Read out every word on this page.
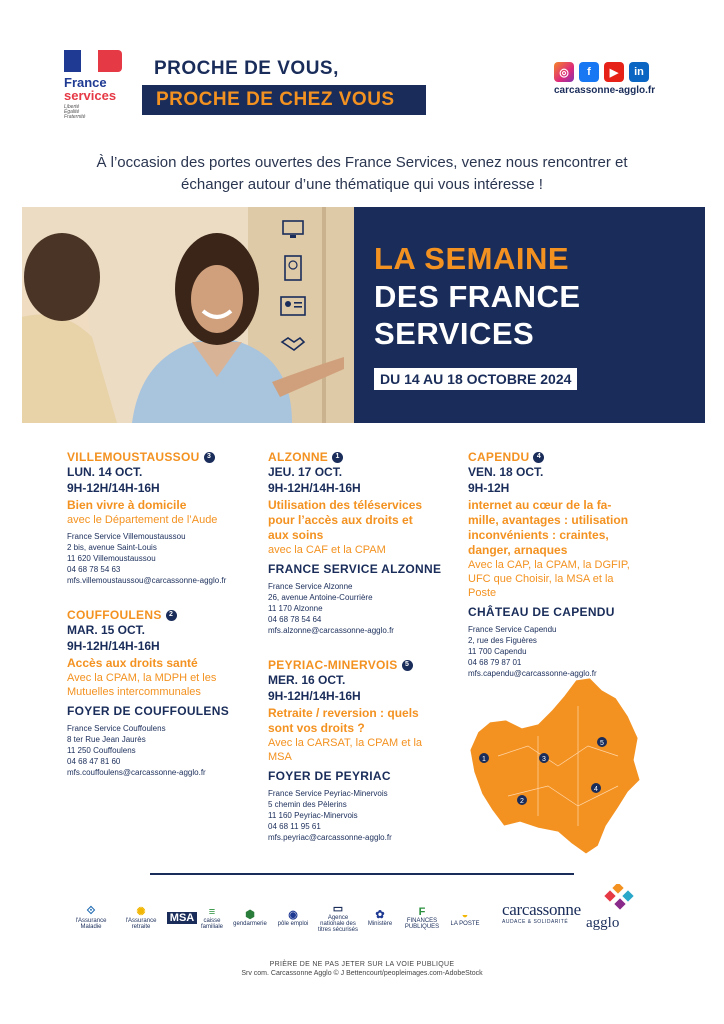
France
services
Liberté
Égalité
Fraternité
PROCHE DE VOUS,
PROCHE DE CHEZ VOUS
◎	f	▶	in
carcassonne-agglo.fr
À l’occasion des portes ouvertes des France Services, venez nous rencontrer et
échanger autour d’une thématique qui vous intéresse !
LA SEMAINE
DES FRANCE
SERVICES
DU 14 AU 18 OCTOBRE 2024
VILLEMOUSTAUSSOU	3
LUN. 14 OCT.
9H-12H/14H-16H
Bien vivre à domicile
avec le Département de l’Aude
France Service Villemoustaussou
2 bis, avenue Saint-Louis
11 620 Villemoustaussou
04 68 78 54 63
mfs.villemoustaussou@carcassonne-agglo.fr
COUFFOULENS	2
MAR. 15 OCT.
9H-12H/14H-16H
Accès aux droits santé
Avec la CPAM, la MDPH et les
Mutuelles intercommunales
FOYER DE COUFFOULENS
France Service Couffoulens
8 ter Rue Jean Jaurès
11 250 Couffoulens
04 68 47 81 60
mfs.couffoulens@carcassonne-agglo.fr
ALZONNE	1
JEU. 17 OCT.
9H-12H/14H-16H
Utilisation des téléservices
pour l’accès aux droits et
aux soins
avec la CAF et la CPAM
FRANCE SERVICE ALZONNE
France Service Alzonne
26, avenue Antoine-Courrière
11 170 Alzonne
04 68 78 54 64
mfs.alzonne@carcassonne-agglo.fr
PEYRIAC-MINERVOIS	5
MER. 16 OCT.
9H-12H/14H-16H
Retraite / reversion : quels
sont vos droits ?
Avec la CARSAT, la CPAM et la
MSA
FOYER DE PEYRIAC
France Service Peyriac-Minervois
5 chemin des Pèlerins
11 160 Peyriac-Minervois
04 68 11 95 61
mfs.peyriac@carcassonne-agglo.fr
CAPENDU	4
VEN. 18 OCT.
9H-12H
internet au cœur de la fa-
mille, avantages : utilisation
inconvénients : craintes,
danger, arnaques
Avec la CAP, la CPAM, la DGFIP,
UFC que Choisir, la MSA et la
Poste
CHÂTEAU DE CAPENDU
France Service Capendu
2, rue des Figuères
11 700 Capendu
04 68 79 87 01
mfs.capendu@carcassonne-agglo.fr
1
2
3
4
5
⟐
l'Assurance Maladie
✺
l'Assurance retraite
MSA ≡
caisse familiale
⬢
gendarmerie
◉
pôle emploi
▭
Agence nationale des titres sécurisés
✿
Ministère
F
FINANCES PUBLIQUES
◒
LA POSTE
carcassonne
agglo
AUDACE & SOLIDARITÉ
PRIÈRE DE NE PAS JETER SUR LA VOIE PUBLIQUE
Srv com. Carcassonne Agglo © J Bettencourt/peopleimages.com-AdobeStock
